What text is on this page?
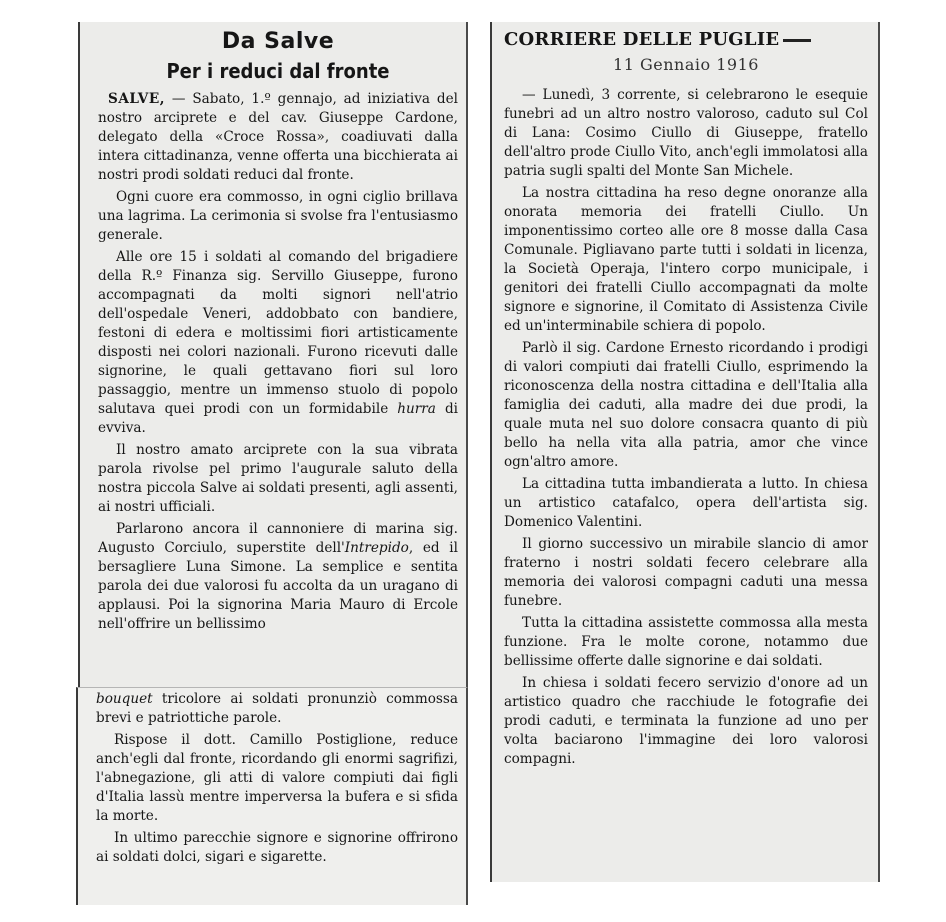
Da Salve
Per i reduci dal fronte

SALVE, — Sabato, 1.º gennajo, ad iniziativa del nostro arciprete e del cav. Giuseppe Cardone, delegato della «Croce Rossa», coadiuvati dalla intera cittadinanza, venne offerta una bicchierata ai nostri prodi soldati reduci dal fronte.

Ogni cuore era commosso, in ogni ciglio brillava una lagrima. La cerimonia si svolse fra l'entusiasmo generale.

Alle ore 15 i soldati al comando del brigadiere della R.º Finanza sig. Servillo Giuseppe, furono accompagnati da molti signori nell'atrio dell'ospedale Veneri, addobbato con bandiere, festoni di edera e moltissimi fiori artisticamente disposti nei colori nazionali. Furono ricevuti dalle signorine, le quali gettavano fiori sul loro passaggio, mentre un immenso stuolo di popolo salutava quei prodi con un formidabile hurra di evviva.

Il nostro amato arciprete con la sua vibrata parola rivolse pel primo l'augurale saluto della nostra piccola Salve ai soldati presenti, agli assenti, ai nostri ufficiali.

Parlarono ancora il cannoniere di marina sig. Augusto Corciulo, superstite dell'Intrepido, ed il bersagliere Luna Simone. La semplice e sentita parola dei due valorosi fu accolta da un uragano di applausi. Poi la signorina Maria Mauro di Ercole nell'offrire un bellissimo

bouquet tricolore ai soldati pronunziò commossa brevi e patriottiche parole.

Rispose il dott. Camillo Postiglione, reduce anch'egli dal fronte, ricordando gli enormi sagrifizi, l'abnegazione, gli atti di valore compiuti dai figli d'Italia lassù mentre imperversa la bufera e si sfida la morte.

In ultimo parecchie signore e signorine offrirono ai soldati dolci, sigari e sigarette.

CORRIERE DELLE PUGLIE
11 Gennaio 1916

— Lunedì, 3 corrente, si celebrarono le esequie funebri ad un altro nostro valoroso, caduto sul Col di Lana: Cosimo Ciullo di Giuseppe, fratello dell'altro prode Ciullo Vito, anch'egli immolatosi alla patria sugli spalti del Monte San Michele.

La nostra cittadina ha reso degne onoranze alla onorata memoria dei fratelli Ciullo. Un imponentissimo corteo alle ore 8 mosse dalla Casa Comunale. Pigliavano parte tutti i soldati in licenza, la Società Operaja, l'intero corpo municipale, i genitori dei fratelli Ciullo accompagnati da molte signore e signorine, il Comitato di Assistenza Civile ed un'interminabile schiera di popolo.

Parlò il sig. Cardone Ernesto ricordando i prodigi di valori compiuti dai fratelli Ciullo, esprimendo la riconoscenza della nostra cittadina e dell'Italia alla famiglia dei caduti, alla madre dei due prodi, la quale muta nel suo dolore consacra quanto di più bello ha nella vita alla patria, amor che vince ogn'altro amore.

La cittadina tutta imbandierata a lutto. In chiesa un artistico catafalco, opera dell'artista sig. Domenico Valentini.

Il giorno successivo un mirabile slancio di amor fraterno i nostri soldati fecero celebrare alla memoria dei valorosi compagni caduti una messa funebre.

Tutta la cittadina assistette commossa alla mesta funzione. Fra le molte corone, notammo due bellissime offerte dalle signorine e dai soldati.

In chiesa i soldati fecero servizio d'onore ad un artistico quadro che racchiude le fotografie dei prodi caduti, e terminata la funzione ad uno per volta baciarono l'immagine dei loro valorosi compagni.
